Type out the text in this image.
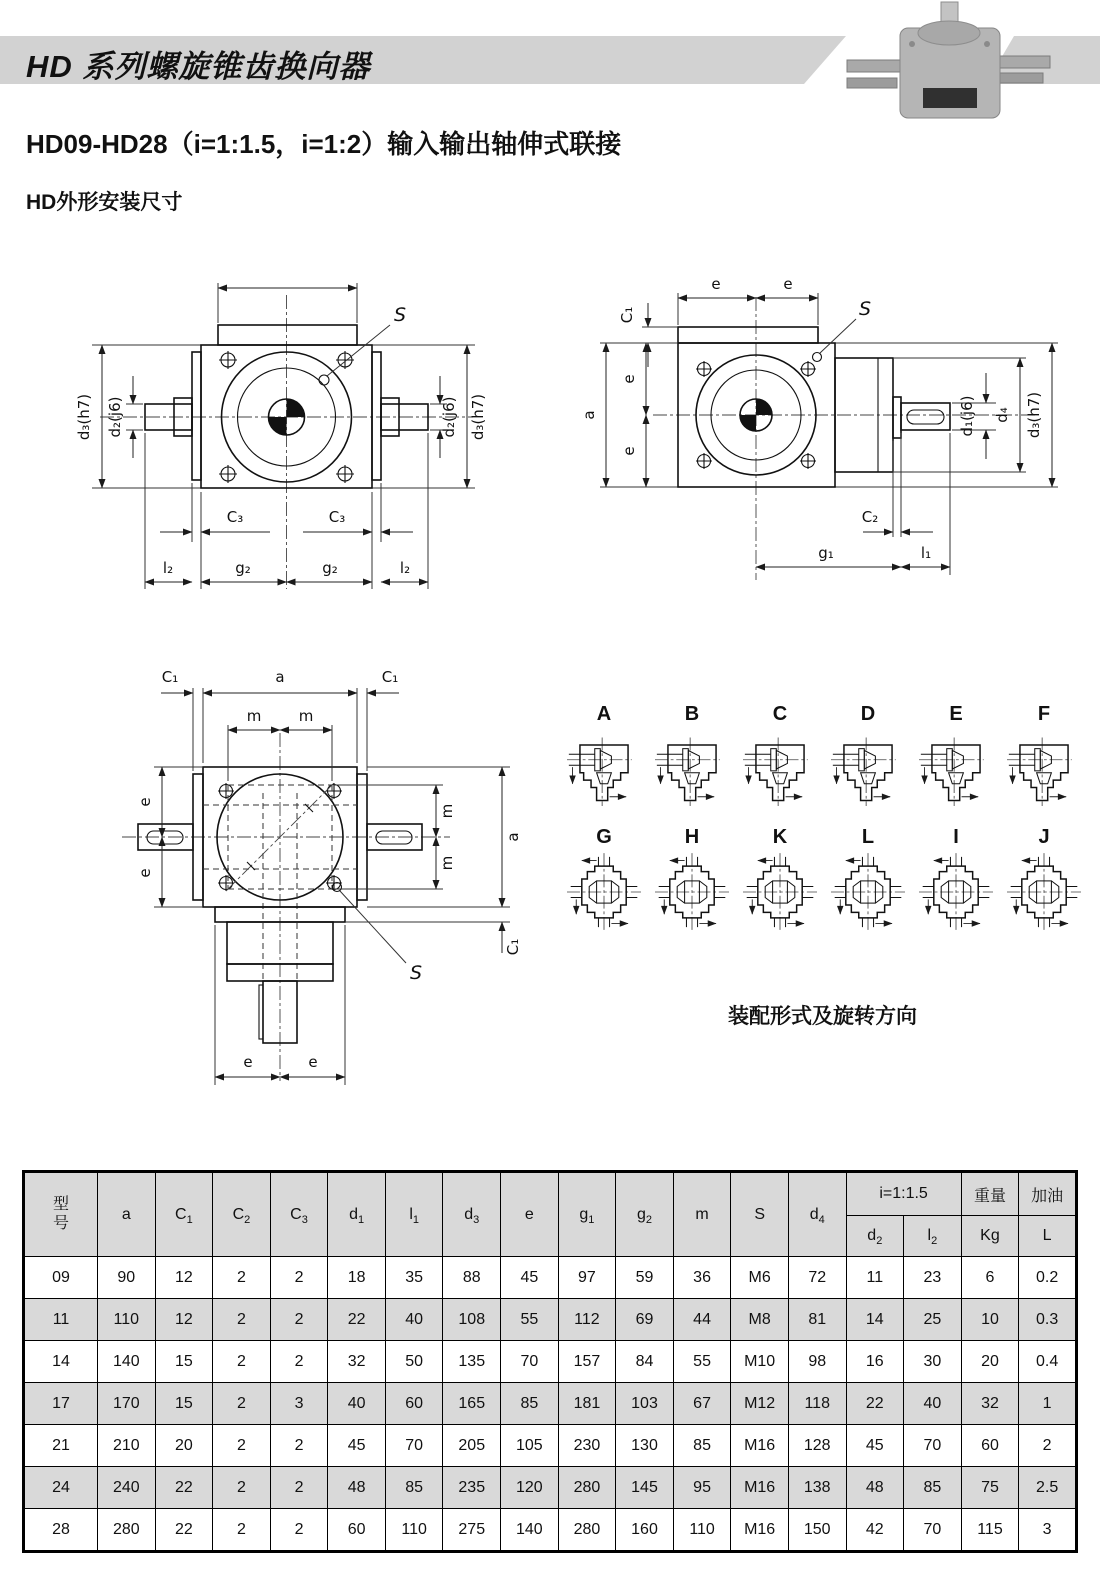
HD 系列螺旋锥齿换向器
HD09-HD28（i=1:1.5，i=1:2）输入输出轴伸式联接
HD外形安装尺寸
S
d₃(h7)	d₃(h7)
d₂(j6)	d₂(j6)
C₃	C₃
l₂	g₂	g₂	l₂
S
C₁
e	e
a
e
e
d₁(j6) d₄ d₃(h7)
C₂
g₁	l₁
S
a
C₁	C₁
m m
e
e
m
m
a
C₁
e	e
A	B	C	D	E	F
G	H	K	L	I	J
装配形式及旋转方向
型
号	a	$C_1$	$C_2$	$C_3$	$d_1$	$l_1$	$d_3$	e	$g_1$	$g_2$	m	S	$d_4$	i=1:1.5		重量	加油
														$d_2$	$l_2$	Kg	L
09	90	12	2	2	18	35	88	45	97	59	36	M6	72	11	23	6	0.2
11	110	12	2	2	22	40	108	55	112	69	44	M8	81	14	25	10	0.3
14	140	15	2	2	32	50	135	70	157	84	55	M10	98	16	30	20	0.4
17	170	15	2	3	40	60	165	85	181	103	67	M12	118	22	40	32	1
21	210	20	2	2	45	70	205	105	230	130	85	M16	128	45	70	60	2
24	240	22	2	2	48	85	235	120	280	145	95	M16	138	48	85	75	2.5
28	280	22	2	2	60	110	275	140	280	160	110	M16	150	42	70	115	3
